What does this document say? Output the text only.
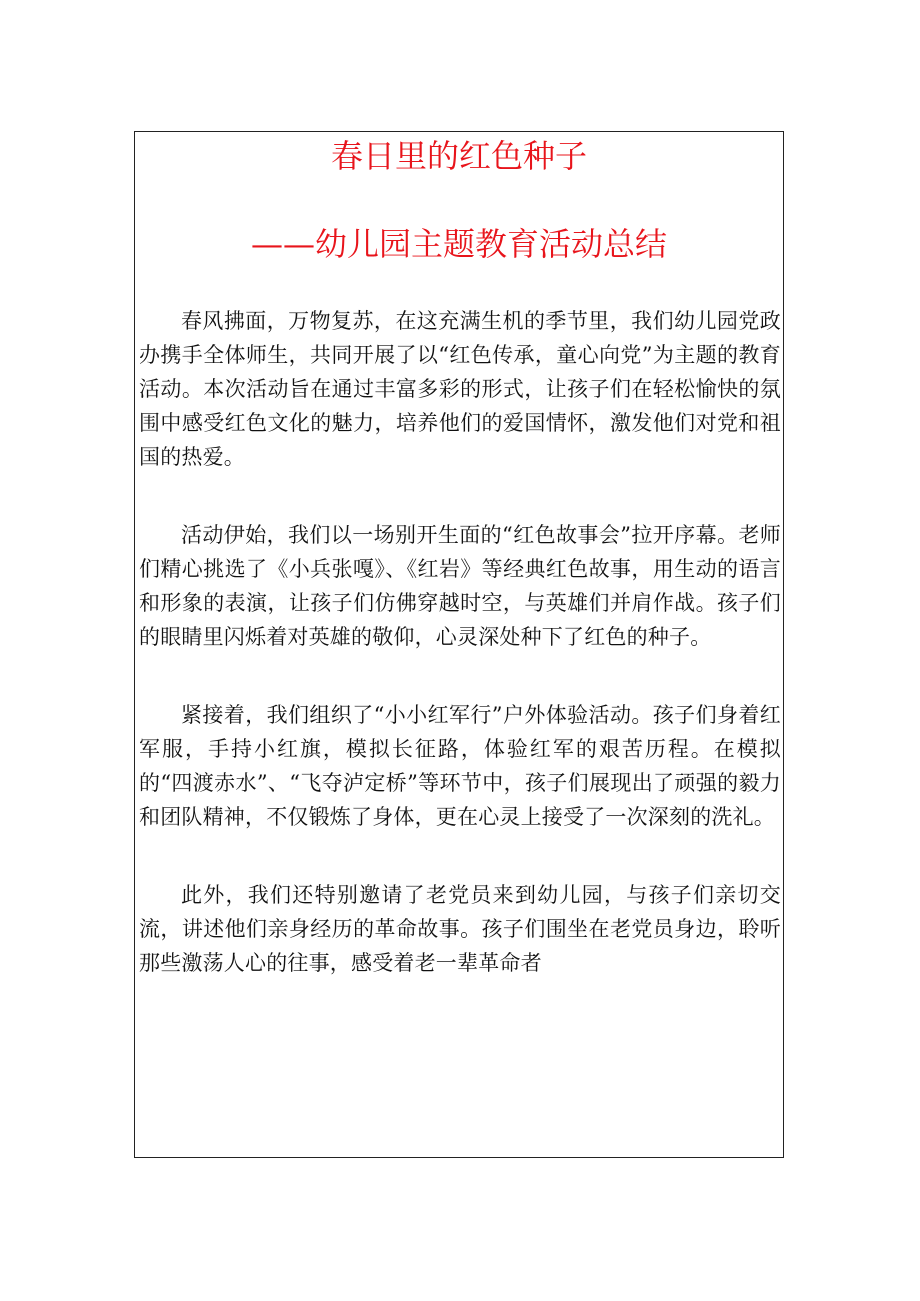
春日里的红色种子
——幼儿园主题教育活动总结

春风拂面，万物复苏，在这充满生机的季节里，我们幼儿园党政办携手全体师生，共同开展了以“红色传承，童心向党”为主题的教育活动。本次活动旨在通过丰富多彩的形式，让孩子们在轻松愉快的氛围中感受红色文化的魅力，培养他们的爱国情怀，激发他们对党和祖国的热爱。

活动伊始，我们以一场别开生面的“红色故事会”拉开序幕。老师们精心挑选了《小兵张嘎》、《红岩》等经典红色故事，用生动的语言和形象的表演，让孩子们仿佛穿越时空，与英雄们并肩作战。孩子们的眼睛里闪烁着对英雄的敬仰，心灵深处种下了红色的种子。

紧接着，我们组织了“小小红军行”户外体验活动。孩子们身着红军服，手持小红旗，模拟长征路，体验红军的艰苦历程。在模拟的“四渡赤水”、“飞夺泸定桥”等环节中，孩子们展现出了顽强的毅力和团队精神，不仅锻炼了身体，更在心灵上接受了一次深刻的洗礼。

此外，我们还特别邀请了老党员来到幼儿园，与孩子们亲切交流，讲述他们亲身经历的革命故事。孩子们围坐在老党员身边，聆听那些激荡人心的往事，感受着老一辈革命者
